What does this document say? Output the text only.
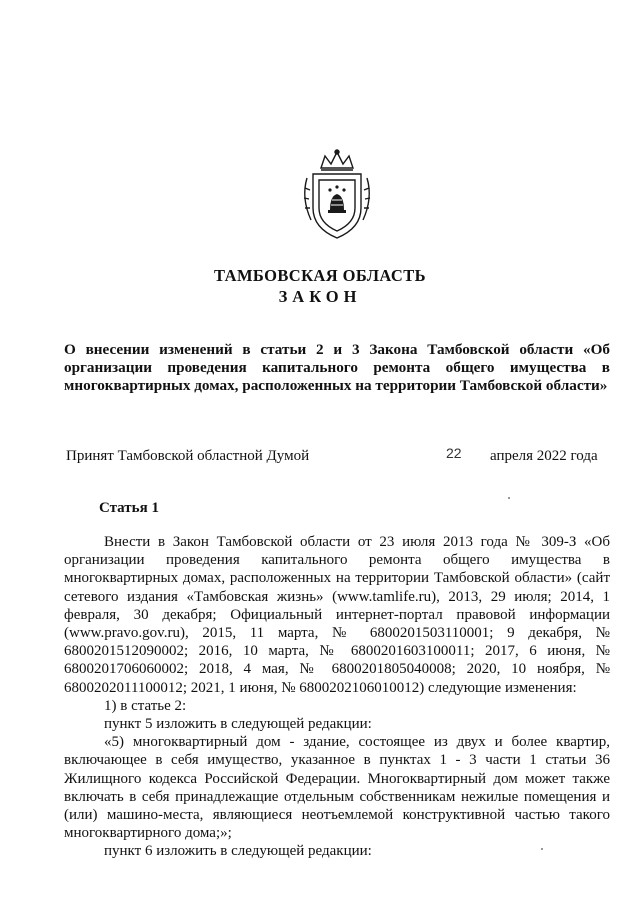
ТАМБОВСКАЯ ОБЛАСТЬ
ЗАКОН
О внесении изменений в статьи 2 и 3 Закона Тамбовской области «Об организации проведения капитального ремонта общего имущества в многоквартирных домах, расположенных на территории Тамбовской области»
Принят Тамбовской областной Думой	22 апреля 2022 года
Статья 1

Внести в Закон Тамбовской области от 23 июля 2013 года № 309-З «Об организации проведения капитального ремонта общего имущества в многоквартирных домах, расположенных на территории Тамбовской области» (сайт сетевого издания «Тамбовская жизнь» (www.tamlife.ru), 2013, 29 июля; 2014, 1 февраля, 30 декабря; Официальный интернет-портал правовой информации (www.pravo.gov.ru), 2015, 11 марта, № 6800201503110001; 9 декабря, № 6800201512090002; 2016, 10 марта, № 6800201603100011; 2017, 6 июня, № 6800201706060002; 2018, 4 мая, № 6800201805040008; 2020, 10 ноября, № 6800202011100012; 2021, 1 июня, № 6800202106010012) следующие изменения:

1) в статье 2:

пункт 5 изложить в следующей редакции:

«5) многоквартирный дом - здание, состоящее из двух и более квартир, включающее в себя имущество, указанное в пунктах 1 - 3 части 1 статьи 36 Жилищного кодекса Российской Федерации. Многоквартирный дом может также включать в себя принадлежащие отдельным собственникам нежилые помещения и (или) машино-места, являющиеся неотъемлемой конструктивной частью такого многоквартирного дома;»;

пункт 6 изложить в следующей редакции:
